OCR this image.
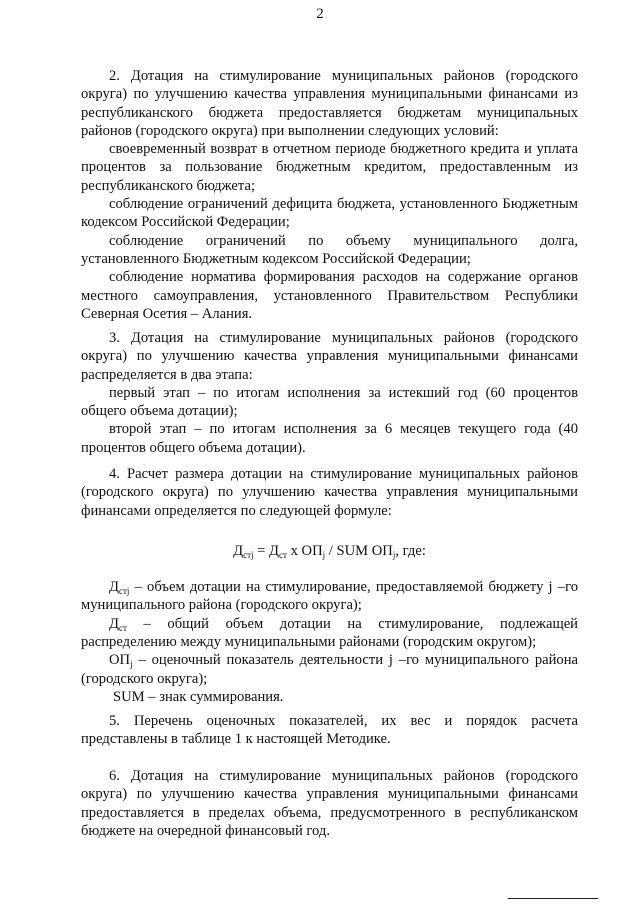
2

2. Дотация на стимулирование муниципальных районов (городского округа) по улучшению качества управления муниципальными финансами из республиканского бюджета предоставляется бюджетам муниципальных районов (городского округа) при выполнении следующих условий:

своевременный возврат в отчетном периоде бюджетного кредита и уплата процентов за пользование бюджетным кредитом, предоставленным из республиканского бюджета;

соблюдение ограничений дефицита бюджета, установленного Бюджетным кодексом Российской Федерации;

соблюдение ограничений по объему муниципального долга, установленного Бюджетным кодексом Российской Федерации;

соблюдение норматива формирования расходов на содержание органов местного самоуправления, установленного Правительством Республики Северная Осетия – Алания.

3. Дотация на стимулирование муниципальных районов (городского округа) по улучшению качества управления муниципальными финансами распределяется в два этапа:

первый этап – по итогам исполнения за истекший год (60 процентов общего объема дотации);

второй этап – по итогам исполнения за 6 месяцев текущего года (40 процентов общего объема дотации).

4. Расчет размера дотации на стимулирование муниципальных районов (городского округа) по улучшению качества управления муниципальными финансами определяется по следующей формуле:

$Д_{стj} = Д_{ст}$ х $ОП_j$ / SUM $ОП_j$, где:

$Д_{стj}$ – объем дотации на стимулирование, предоставляемой бюджету j –го муниципального района (городского округа);

$Д_{ст}$ – общий объем дотации на стимулирование, подлежащей распределению между муниципальными районами (городским округом);

$ОП_j$ – оценочный показатель деятельности j –го муниципального района (городского округа);

SUM – знак суммирования.

5. Перечень оценочных показателей, их вес и порядок расчета представлены в таблице 1 к настоящей Методике.

6. Дотация на стимулирование муниципальных районов (городского округа) по улучшению качества управления муниципальными финансами предоставляется в пределах объема, предусмотренного в республиканском бюджете на очередной финансовый год.
